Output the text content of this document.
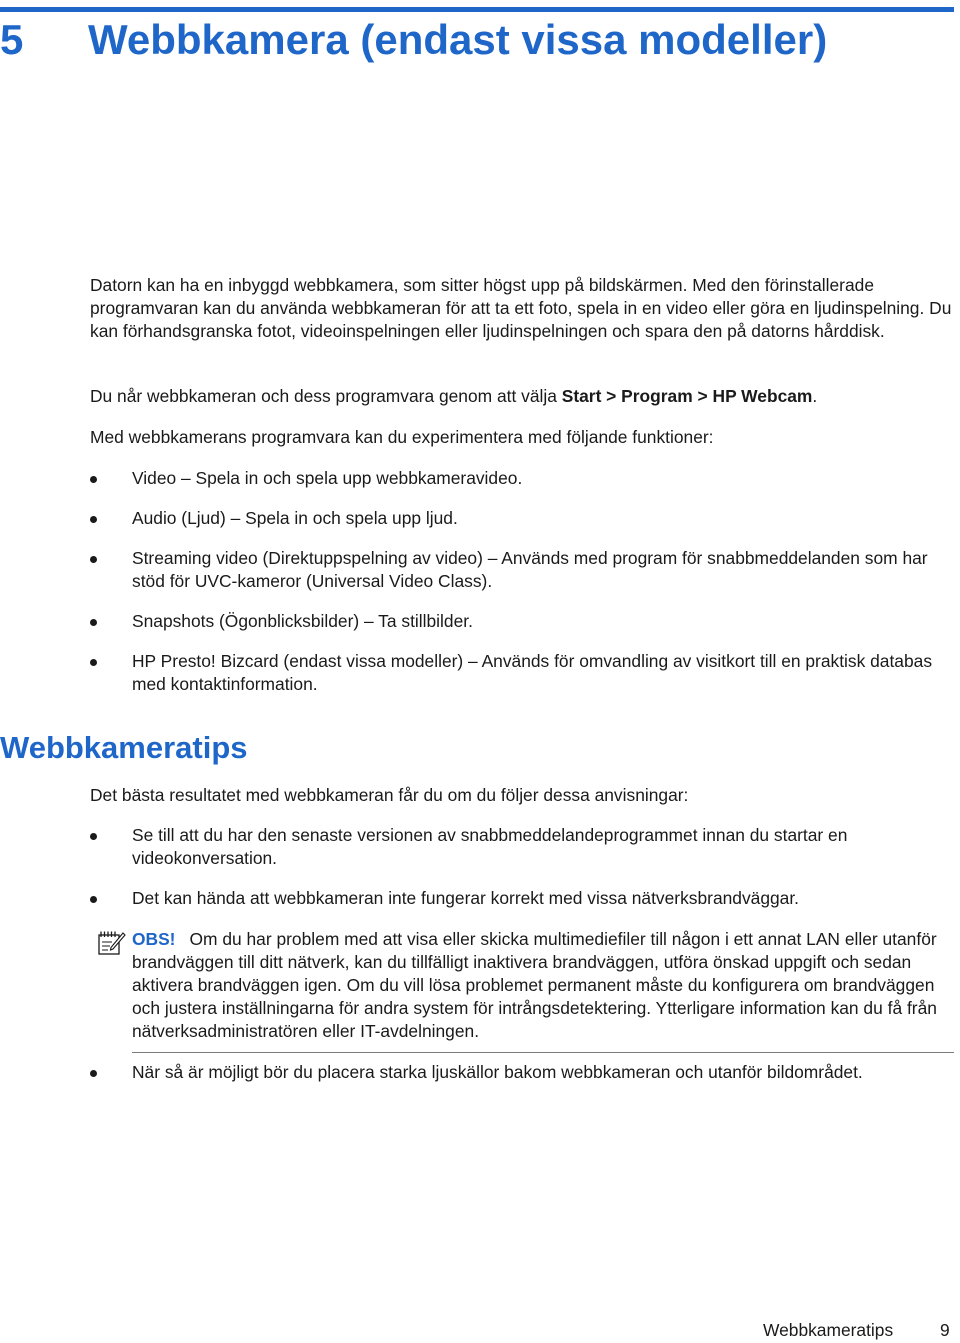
5 Webbkamera (endast vissa modeller)

Datorn kan ha en inbyggd webbkamera, som sitter högst upp på bildskärmen. Med den förinstallerade programvaran kan du använda webbkameran för att ta ett foto, spela in en video eller göra en ljudinspelning. Du kan förhandsgranska fotot, videoinspelningen eller ljudinspelningen och spara den på datorns hårddisk.

Du når webbkameran och dess programvara genom att välja Start > Program > HP Webcam.

Med webbkamerans programvara kan du experimentera med följande funktioner:

Video – Spela in och spela upp webbkameravideo.
Audio (Ljud) – Spela in och spela upp ljud.
Streaming video (Direktuppspelning av video) – Används med program för snabbmeddelanden som har stöd för UVC-kameror (Universal Video Class).
Snapshots (Ögonblicksbilder) – Ta stillbilder.
HP Presto! Bizcard (endast vissa modeller) – Används för omvandling av visitkort till en praktisk databas med kontaktinformation.
Webbkameratips

Det bästa resultatet med webbkameran får du om du följer dessa anvisningar:

Se till att du har den senaste versionen av snabbmeddelandeprogrammet innan du startar en videokonversation.
Det kan hända att webbkameran inte fungerar korrekt med vissa nätverksbrandväggar.

OBS! Om du har problem med att visa eller skicka multimediefiler till någon i ett annat LAN eller utanför brandväggen till ditt nätverk, kan du tillfälligt inaktivera brandväggen, utföra önskad uppgift och sedan aktivera brandväggen igen. Om du vill lösa problemet permanent måste du konfigurera om brandväggen och justera inställningarna för andra system för intrångsdetektering. Ytterligare information kan du få från nätverksadministratören eller IT-avdelningen.

När så är möjligt bör du placera starka ljuskällor bakom webbkameran och utanför bildområdet.
Webbkameratips	9
